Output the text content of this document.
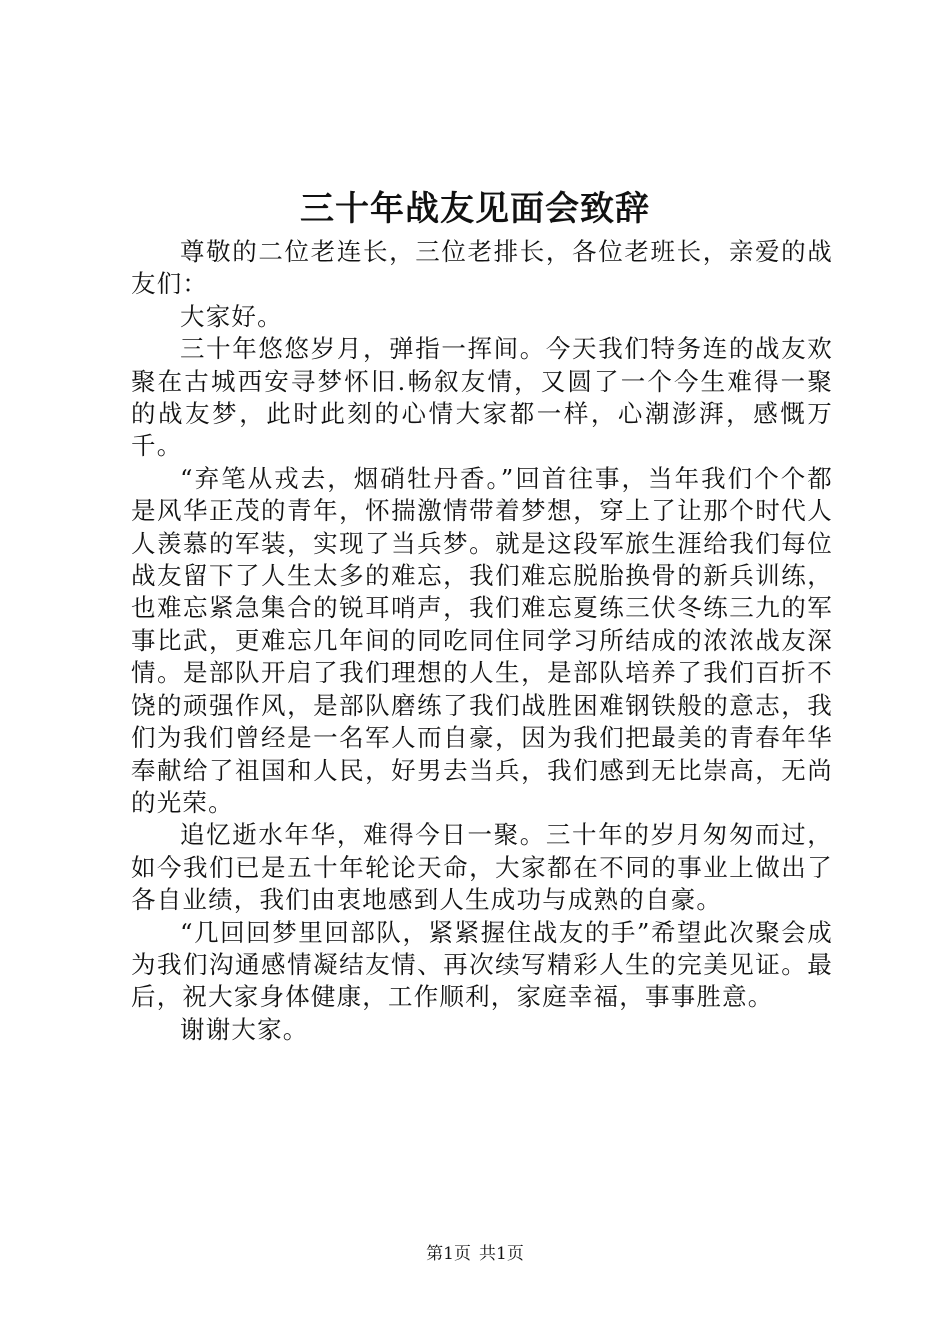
三十年战友见面会致辞

尊敬的二位老连长，三位老排长，各位老班长，亲爱的战友们：

大家好。

三十年悠悠岁月，弹指一挥间。今天我们特务连的战友欢聚在古城西安寻梦怀旧.畅叙友情，又圆了一个今生难得一聚的战友梦，此时此刻的心情大家都一样，心潮澎湃，感慨万千。

“弃笔从戎去，烟硝牡丹香。”回首往事，当年我们个个都是风华正茂的青年，怀揣激情带着梦想，穿上了让那个时代人人羡慕的军装，实现了当兵梦。就是这段军旅生涯给我们每位战友留下了人生太多的难忘，我们难忘脱胎换骨的新兵训练，也难忘紧急集合的锐耳哨声，我们难忘夏练三伏冬练三九的军事比武，更难忘几年间的同吃同住同学习所结成的浓浓战友深情。是部队开启了我们理想的人生，是部队培养了我们百折不饶的顽强作风，是部队磨练了我们战胜困难钢铁般的意志，我们为我们曾经是一名军人而自豪，因为我们把最美的青春年华奉献给了祖国和人民，好男去当兵，我们感到无比崇高，无尚的光荣。

追忆逝水年华，难得今日一聚。三十年的岁月匆匆而过，如今我们已是五十年轮论天命，大家都在不同的事业上做出了各自业绩，我们由衷地感到人生成功与成熟的自豪。

“几回回梦里回部队，紧紧握住战友的手”希望此次聚会成为我们沟通感情凝结友情、再次续写精彩人生的完美见证。最后，祝大家身体健康，工作顺利，家庭幸福，事事胜意。

谢谢大家。

第1页 共1页
